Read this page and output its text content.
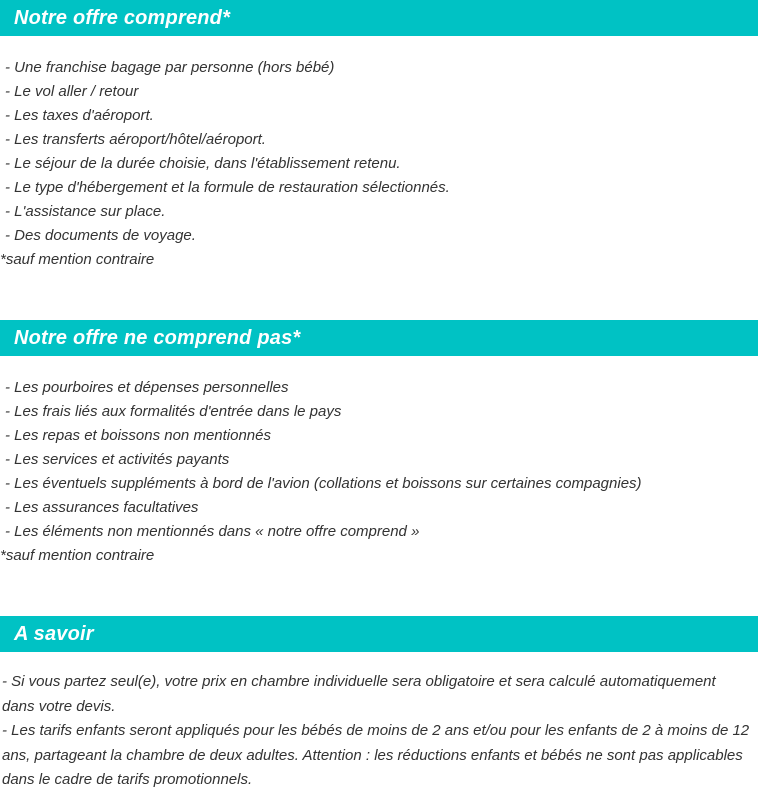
Notre offre comprend*
- Une franchise bagage par personne (hors bébé)
- Le vol aller / retour
- Les taxes d'aéroport.
- Les transferts aéroport/hôtel/aéroport.
- Le séjour de la durée choisie, dans l'établissement retenu.
- Le type d'hébergement et la formule de restauration sélectionnés.
- L'assistance sur place.
- Des documents de voyage.
*sauf mention contraire
Notre offre ne comprend pas*
- Les pourboires et dépenses personnelles
- Les frais liés aux formalités d'entrée dans le pays
- Les repas et boissons non mentionnés
- Les services et activités payants
- Les éventuels suppléments à bord de l'avion (collations et boissons sur certaines compagnies)
- Les assurances facultatives
- Les éléments non mentionnés dans « notre offre comprend »
*sauf mention contraire
A savoir

- Si vous partez seul(e), votre prix en chambre individuelle sera obligatoire et sera calculé automatiquement dans votre devis.

- Les tarifs enfants seront appliqués pour les bébés de moins de 2 ans et/ou pour les enfants de 2 à moins de 12 ans, partageant la chambre de deux adultes. Attention : les réductions enfants et bébés ne sont pas applicables dans le cadre de tarifs promotionnels.
